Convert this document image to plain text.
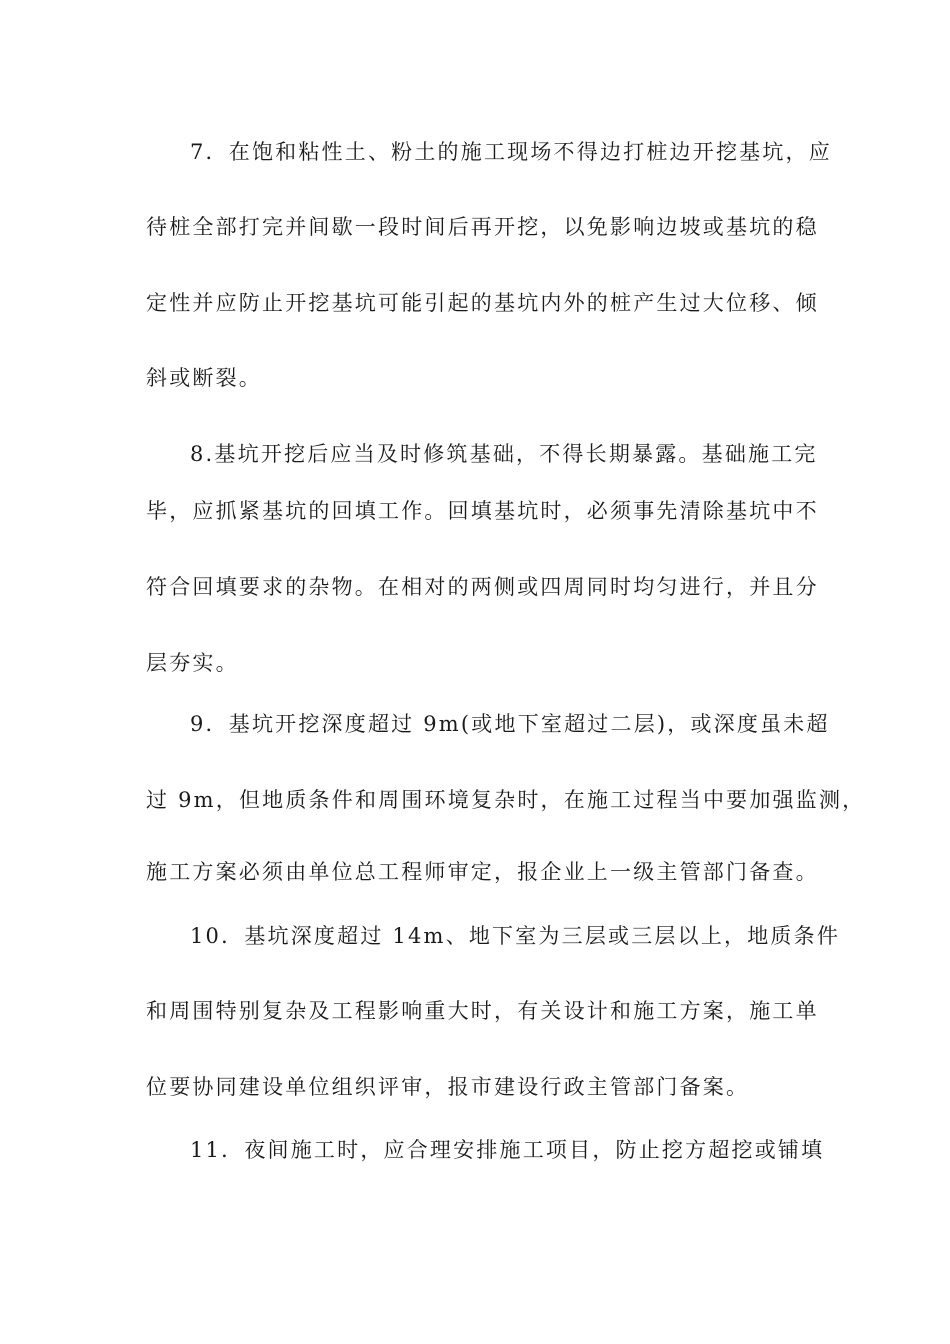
7．在饱和粘性土、粉土的施工现场不得边打桩边开挖基坑，应
待桩全部打完并间歇一段时间后再开挖，以免影响边坡或基坑的稳
定性并应防止开挖基坑可能引起的基坑内外的桩产生过大位移、倾
斜或断裂。
8.基坑开挖后应当及时修筑基础，不得长期暴露。基础施工完
毕，应抓紧基坑的回填工作。回填基坑时，必须事先清除基坑中不
符合回填要求的杂物。在相对的两侧或四周同时均匀进行，并且分
层夯实。
9．基坑开挖深度超过 9m(或地下室超过二层)，或深度虽未超
过 9m，但地质条件和周围环境复杂时，在施工过程当中要加强监测，
施工方案必须由单位总工程师审定，报企业上一级主管部门备查。
10．基坑深度超过 14m、地下室为三层或三层以上，地质条件
和周围特别复杂及工程影响重大时，有关设计和施工方案，施工单
位要协同建设单位组织评审，报市建设行政主管部门备案。
11．夜间施工时，应合理安排施工项目，防止挖方超挖或铺填
